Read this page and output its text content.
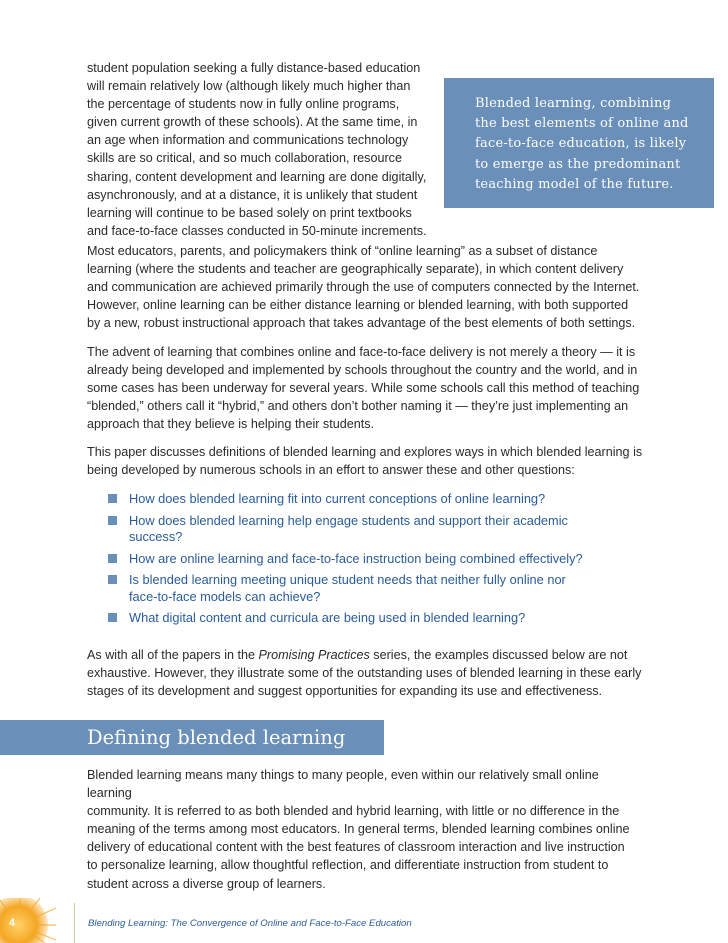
student population seeking a fully distance-based education
will remain relatively low (although likely much higher than
the percentage of students now in fully online programs,
given current growth of these schools). At the same time, in
an age when information and communications technology
skills are so critical, and so much collaboration, resource
sharing, content development and learning are done digitally,
asynchronously, and at a distance, it is unlikely that student
learning will continue to be based solely on print textbooks
and face-to-face classes conducted in 50-minute increments.

Blended learning, combining
the best elements of online and
face-to-face education, is likely
to emerge as the predominant
teaching model of the future.

Most educators, parents, and policymakers think of “online learning” as a subset of distance
learning (where the students and teacher are geographically separate), in which content delivery
and communication are achieved primarily through the use of computers connected by the Internet.
However, online learning can be either distance learning or blended learning, with both supported
by a new, robust instructional approach that takes advantage of the best elements of both settings.

The advent of learning that combines online and face-to-face delivery is not merely a theory — it is
already being developed and implemented by schools throughout the country and the world, and in
some cases has been underway for several years. While some schools call this method of teaching
“blended,” others call it “hybrid,” and others don’t bother naming it — they’re just implementing an
approach that they believe is helping their students.

This paper discusses definitions of blended learning and explores ways in which blended learning is
being developed by numerous schools in an effort to answer these and other questions:

How does blended learning fit into current conceptions of online learning?
How does blended learning help engage students and support their academic
success?
How are online learning and face-to-face instruction being combined effectively?
Is blended learning meeting unique student needs that neither fully online nor
face-to-face models can achieve?
What digital content and curricula are being used in blended learning?

As with all of the papers in the Promising Practices series, the examples discussed below are not
exhaustive. However, they illustrate some of the outstanding uses of blended learning in these early
stages of its development and suggest opportunities for expanding its use and effectiveness.

Defining blended learning

Blended learning means many things to many people, even within our relatively small online learning
community. It is referred to as both blended and hybrid learning, with little or no difference in the
meaning of the terms among most educators. In general terms, blended learning combines online
delivery of educational content with the best features of classroom interaction and live instruction
to personalize learning, allow thoughtful reflection, and differentiate instruction from student to
student across a diverse group of learners.

4	Blending Learning: The Convergence of Online and Face-to-Face Education
